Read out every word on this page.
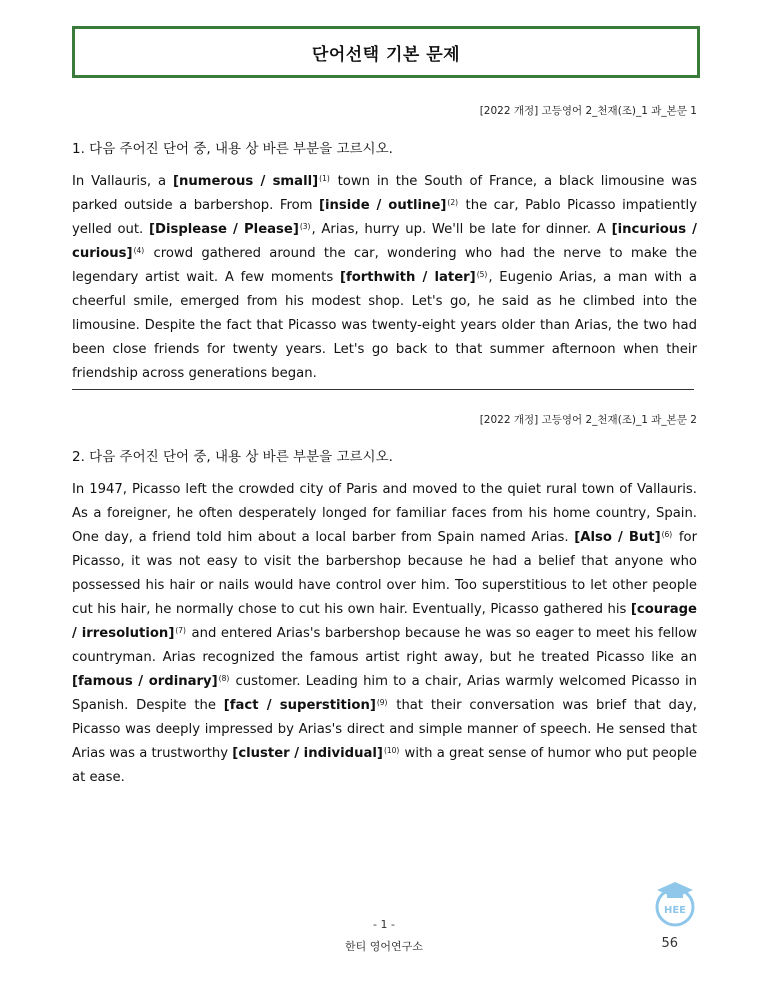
단어선택 기본 문제
[2022 개정] 고등영어 2_천재(조)_1 과_본문 1
1. 다음 주어진 단어 중, 내용 상 바른 부분을 고르시오.
In Vallauris, a [numerous / small]$^{(1)}$ town in the South of France, a black limousine was parked outside a barbershop. From [inside / outline]$^{(2)}$ the car, Pablo Picasso impatiently yelled out. [Displease / Please]$^{(3)}$, Arias, hurry up. We'll be late for dinner. A [incurious / curious]$^{(4)}$ crowd gathered around the car, wondering who had the nerve to make the legendary artist wait. A few moments [forthwith / later]$^{(5)}$, Eugenio Arias, a man with a cheerful smile, emerged from his modest shop. Let's go, he said as he climbed into the limousine. Despite the fact that Picasso was twenty-eight years older than Arias, the two had been close friends for twenty years. Let's go back to that summer afternoon when their friendship across generations began.
[2022 개정] 고등영어 2_천재(조)_1 과_본문 2
2. 다음 주어진 단어 중, 내용 상 바른 부분을 고르시오.
In 1947, Picasso left the crowded city of Paris and moved to the quiet rural town of Vallauris. As a foreigner, he often desperately longed for familiar faces from his home country, Spain. One day, a friend told him about a local barber from Spain named Arias. [Also / But]$^{(6)}$ for Picasso, it was not easy to visit the barbershop because he had a belief that anyone who possessed his hair or nails would have control over him. Too superstitious to let other people cut his hair, he normally chose to cut his own hair. Eventually, Picasso gathered his [courage / irresolution]$^{(7)}$ and entered Arias's barbershop because he was so eager to meet his fellow countryman. Arias recognized the famous artist right away, but he treated Picasso like an [famous / ordinary]$^{(8)}$ customer. Leading him to a chair, Arias warmly welcomed Picasso in Spanish. Despite the [fact / superstition]$^{(9)}$ that their conversation was brief that day, Picasso was deeply impressed by Arias's direct and simple manner of speech. He sensed that Arias was a trustworthy [cluster / individual]$^{(10)}$ with a great sense of humor who put people at ease.
- 1 -
한티 영어연구소	56
HEE
